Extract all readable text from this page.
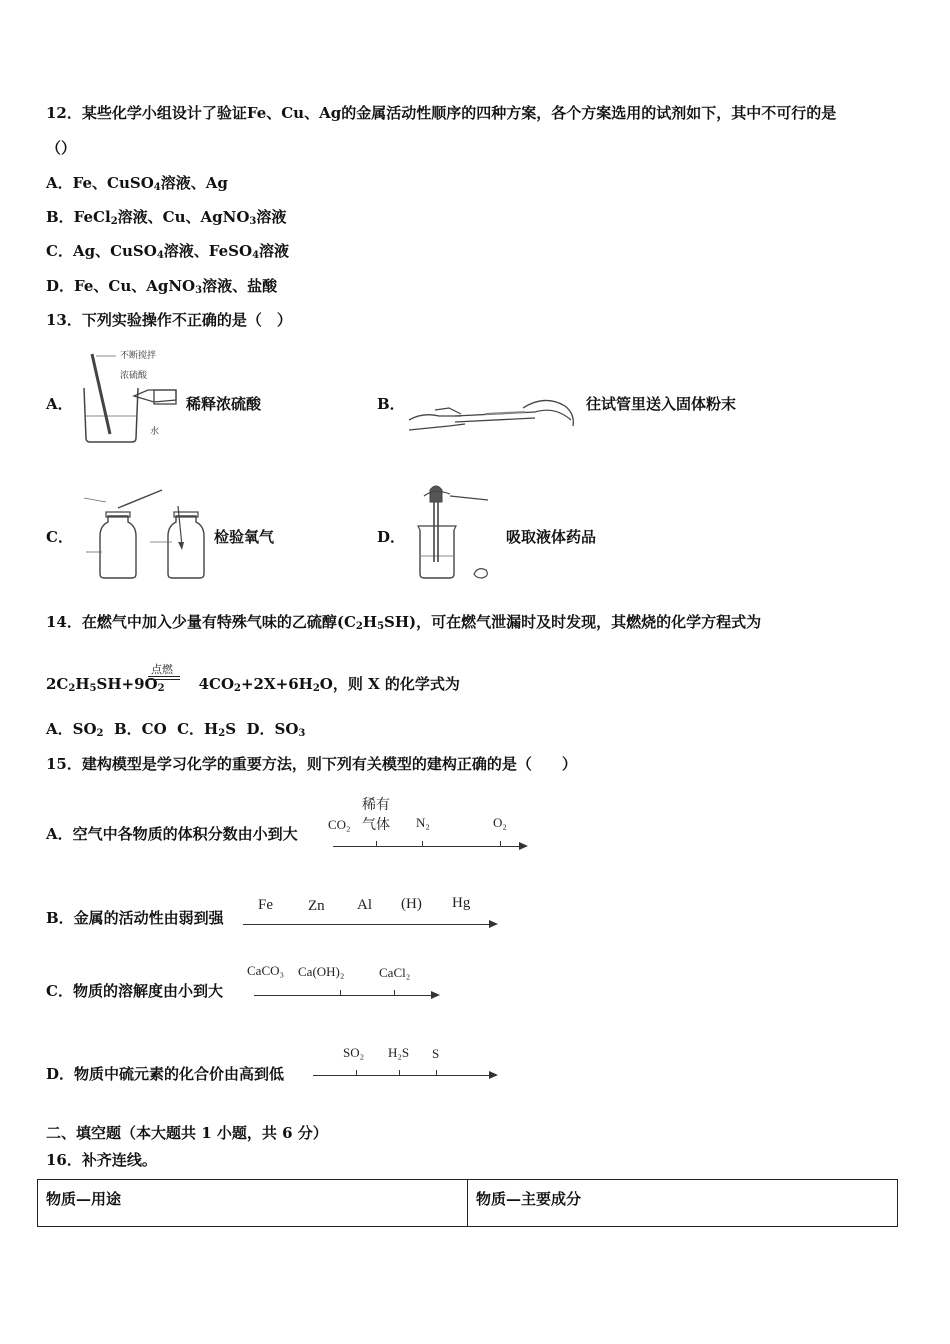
12．某些化学小组设计了验证Fe、Cu、Ag的金属活动性顺序的四种方案，各个方案选用的试剂如下，其中不可行的是
（）
A．Fe、CuSO$_4$溶液、Ag
B．FeCl$_2$溶液、Cu、AgNO$_3$溶液
C．Ag、CuSO$_4$溶液、FeSO$_4$溶液
D．Fe、Cu、AgNO$_3$溶液、盐酸
13．下列实验操作不正确的是（　）
A．
不断搅拌
浓硫酸
水
稀释浓硫酸	B．	往试管里送入固体粉末
C．	检验氧气	D．	吸取液体药品
14．在燃气中加入少量有特殊气味的乙硫醇$(C_2H_5SH)$，可在燃气泄漏时及时发现，其燃烧的化学方程式为
$2C_2H_5SH+9O_2$ $4CO_2+2X+6H_2O$，则 X 的化学式为
点燃
A．$SO_2$ B．CO C．$H_2S$ D．$SO_3$
15．建构模型是学习化学的重要方法，则下列有关模型的建构正确的是（　　）
A．空气中各物质的体积分数由小到大
CO₂
稀有
气体 N₂	O₂
B．金属的活动性由弱到强
Fe Zn Al (H) Hg
C．物质的溶解度由小到大
CaCO₃ Ca(OH)₂	CaCl₂
D．物质中硫元素的化合价由高到低
SO₂ H₂S S
二、填空题（本大题共 1 小题，共 6 分）
16．补齐连线。
物质—用途	物质—主要成分
